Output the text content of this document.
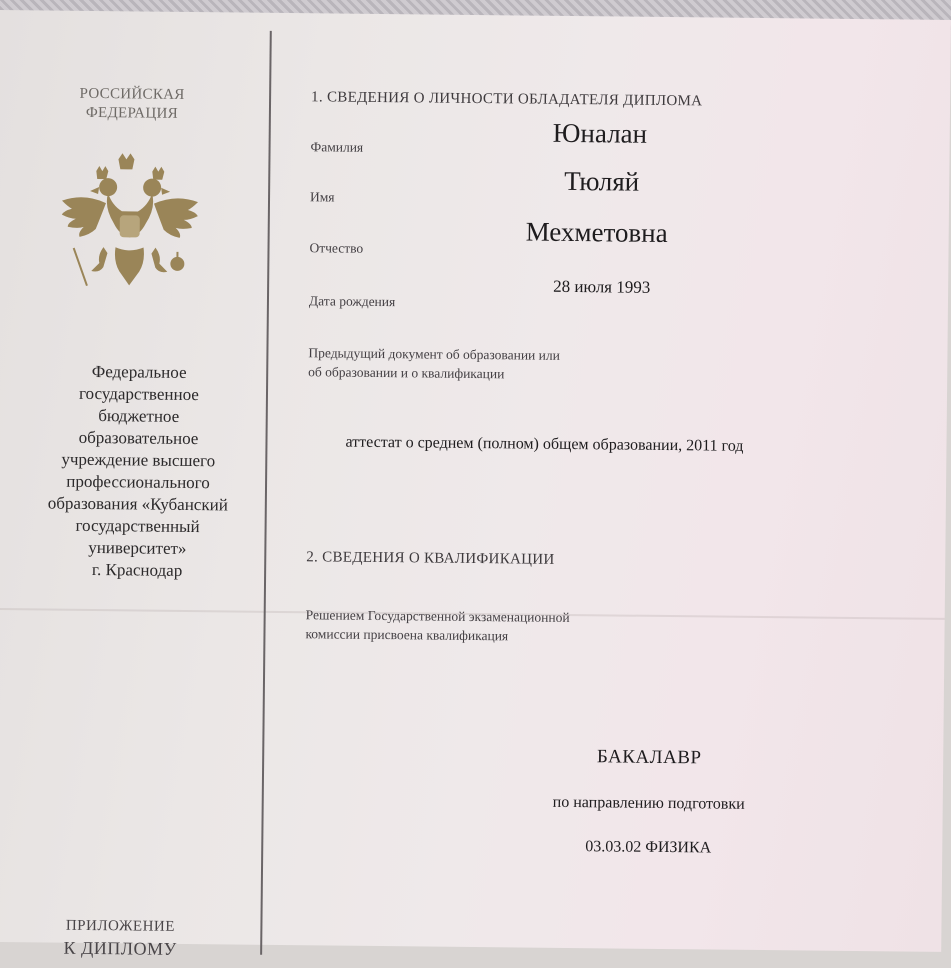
РОССИЙСКАЯ
ФЕДЕРАЦИЯ
Федеральное
государственное
бюджетное
образовательное
учреждение высшего
профессионального
образования «Кубанский
государственный
университет»
г. Краснодар
ПРИЛОЖЕНИЕ
К ДИПЛОМУ
1. СВЕДЕНИЯ О ЛИЧНОСТИ ОБЛАДАТЕЛЯ ДИПЛОМА
Фамилия	Юналан
Имя
Тюляй
Отчество
Мехметовна
28 июля 1993
Дата рождения
Предыдущий документ об образовании или
об образовании и о квалификации
аттестат о среднем (полном) общем образовании, 2011 год
2. СВЕДЕНИЯ О КВАЛИФИКАЦИИ
Решением Государственной экзаменационной
комиссии присвоена квалификация
БАКАЛАВР
по направлению подготовки
03.03.02 ФИЗИКА
